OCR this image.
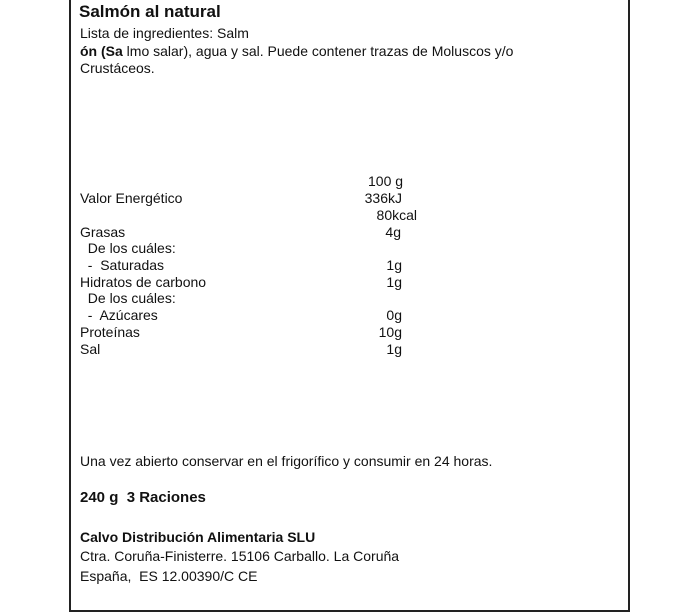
Salmón al natural
Lista de ingredientes: Salm
ón (Sa lmo salar), agua y sal. Puede contener trazas de Moluscos y/o
Crustáceos.
100 g
Valor Energético	336kJ
80kcal
Grasas	4g
De los cuáles:
-  Saturadas	1g
Hidratos de carbono	1g
De los cuáles:
-  Azúcares	0g
Proteínas	10g
Sal	1g
Una vez abierto conservar en el frigorífico y consumir en 24 horas.
240 g  3 Raciones
Calvo Distribución Alimentaria SLU
Ctra. Coruña-Finisterre. 15106 Carballo. La Coruña
España,  ES 12.00390/C CE
